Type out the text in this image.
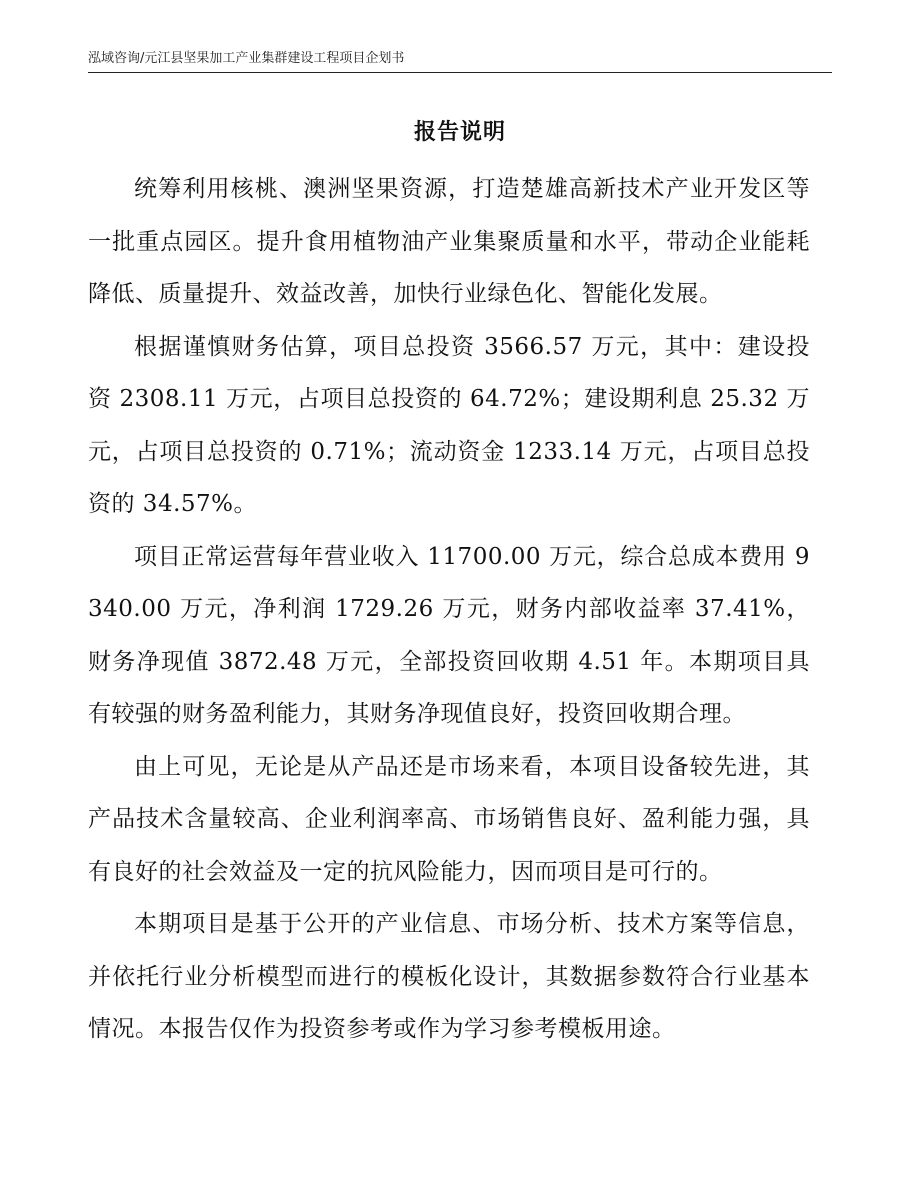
泓域咨询/元江县坚果加工产业集群建设工程项目企划书
报告说明

统筹利用核桃、澳洲坚果资源，打造楚雄高新技术产业开发区等一批重点园区。提升食用植物油产业集聚质量和水平，带动企业能耗降低、质量提升、效益改善，加快行业绿色化、智能化发展。

根据谨慎财务估算，项目总投资 3566.57 万元，其中：建设投资 2308.11 万元，占项目总投资的 64.72%；建设期利息 25.32 万元，占项目总投资的 0.71%；流动资金 1233.14 万元，占项目总投资的 34.57%。

项目正常运营每年营业收入 11700.00 万元，综合总成本费用 9340.00 万元，净利润 1729.26 万元，财务内部收益率 37.41%，财务净现值 3872.48 万元，全部投资回收期 4.51 年。本期项目具有较强的财务盈利能力，其财务净现值良好，投资回收期合理。

由上可见，无论是从产品还是市场来看，本项目设备较先进，其产品技术含量较高、企业利润率高、市场销售良好、盈利能力强，具有良好的社会效益及一定的抗风险能力，因而项目是可行的。

本期项目是基于公开的产业信息、市场分析、技术方案等信息，并依托行业分析模型而进行的模板化设计，其数据参数符合行业基本情况。本报告仅作为投资参考或作为学习参考模板用途。
